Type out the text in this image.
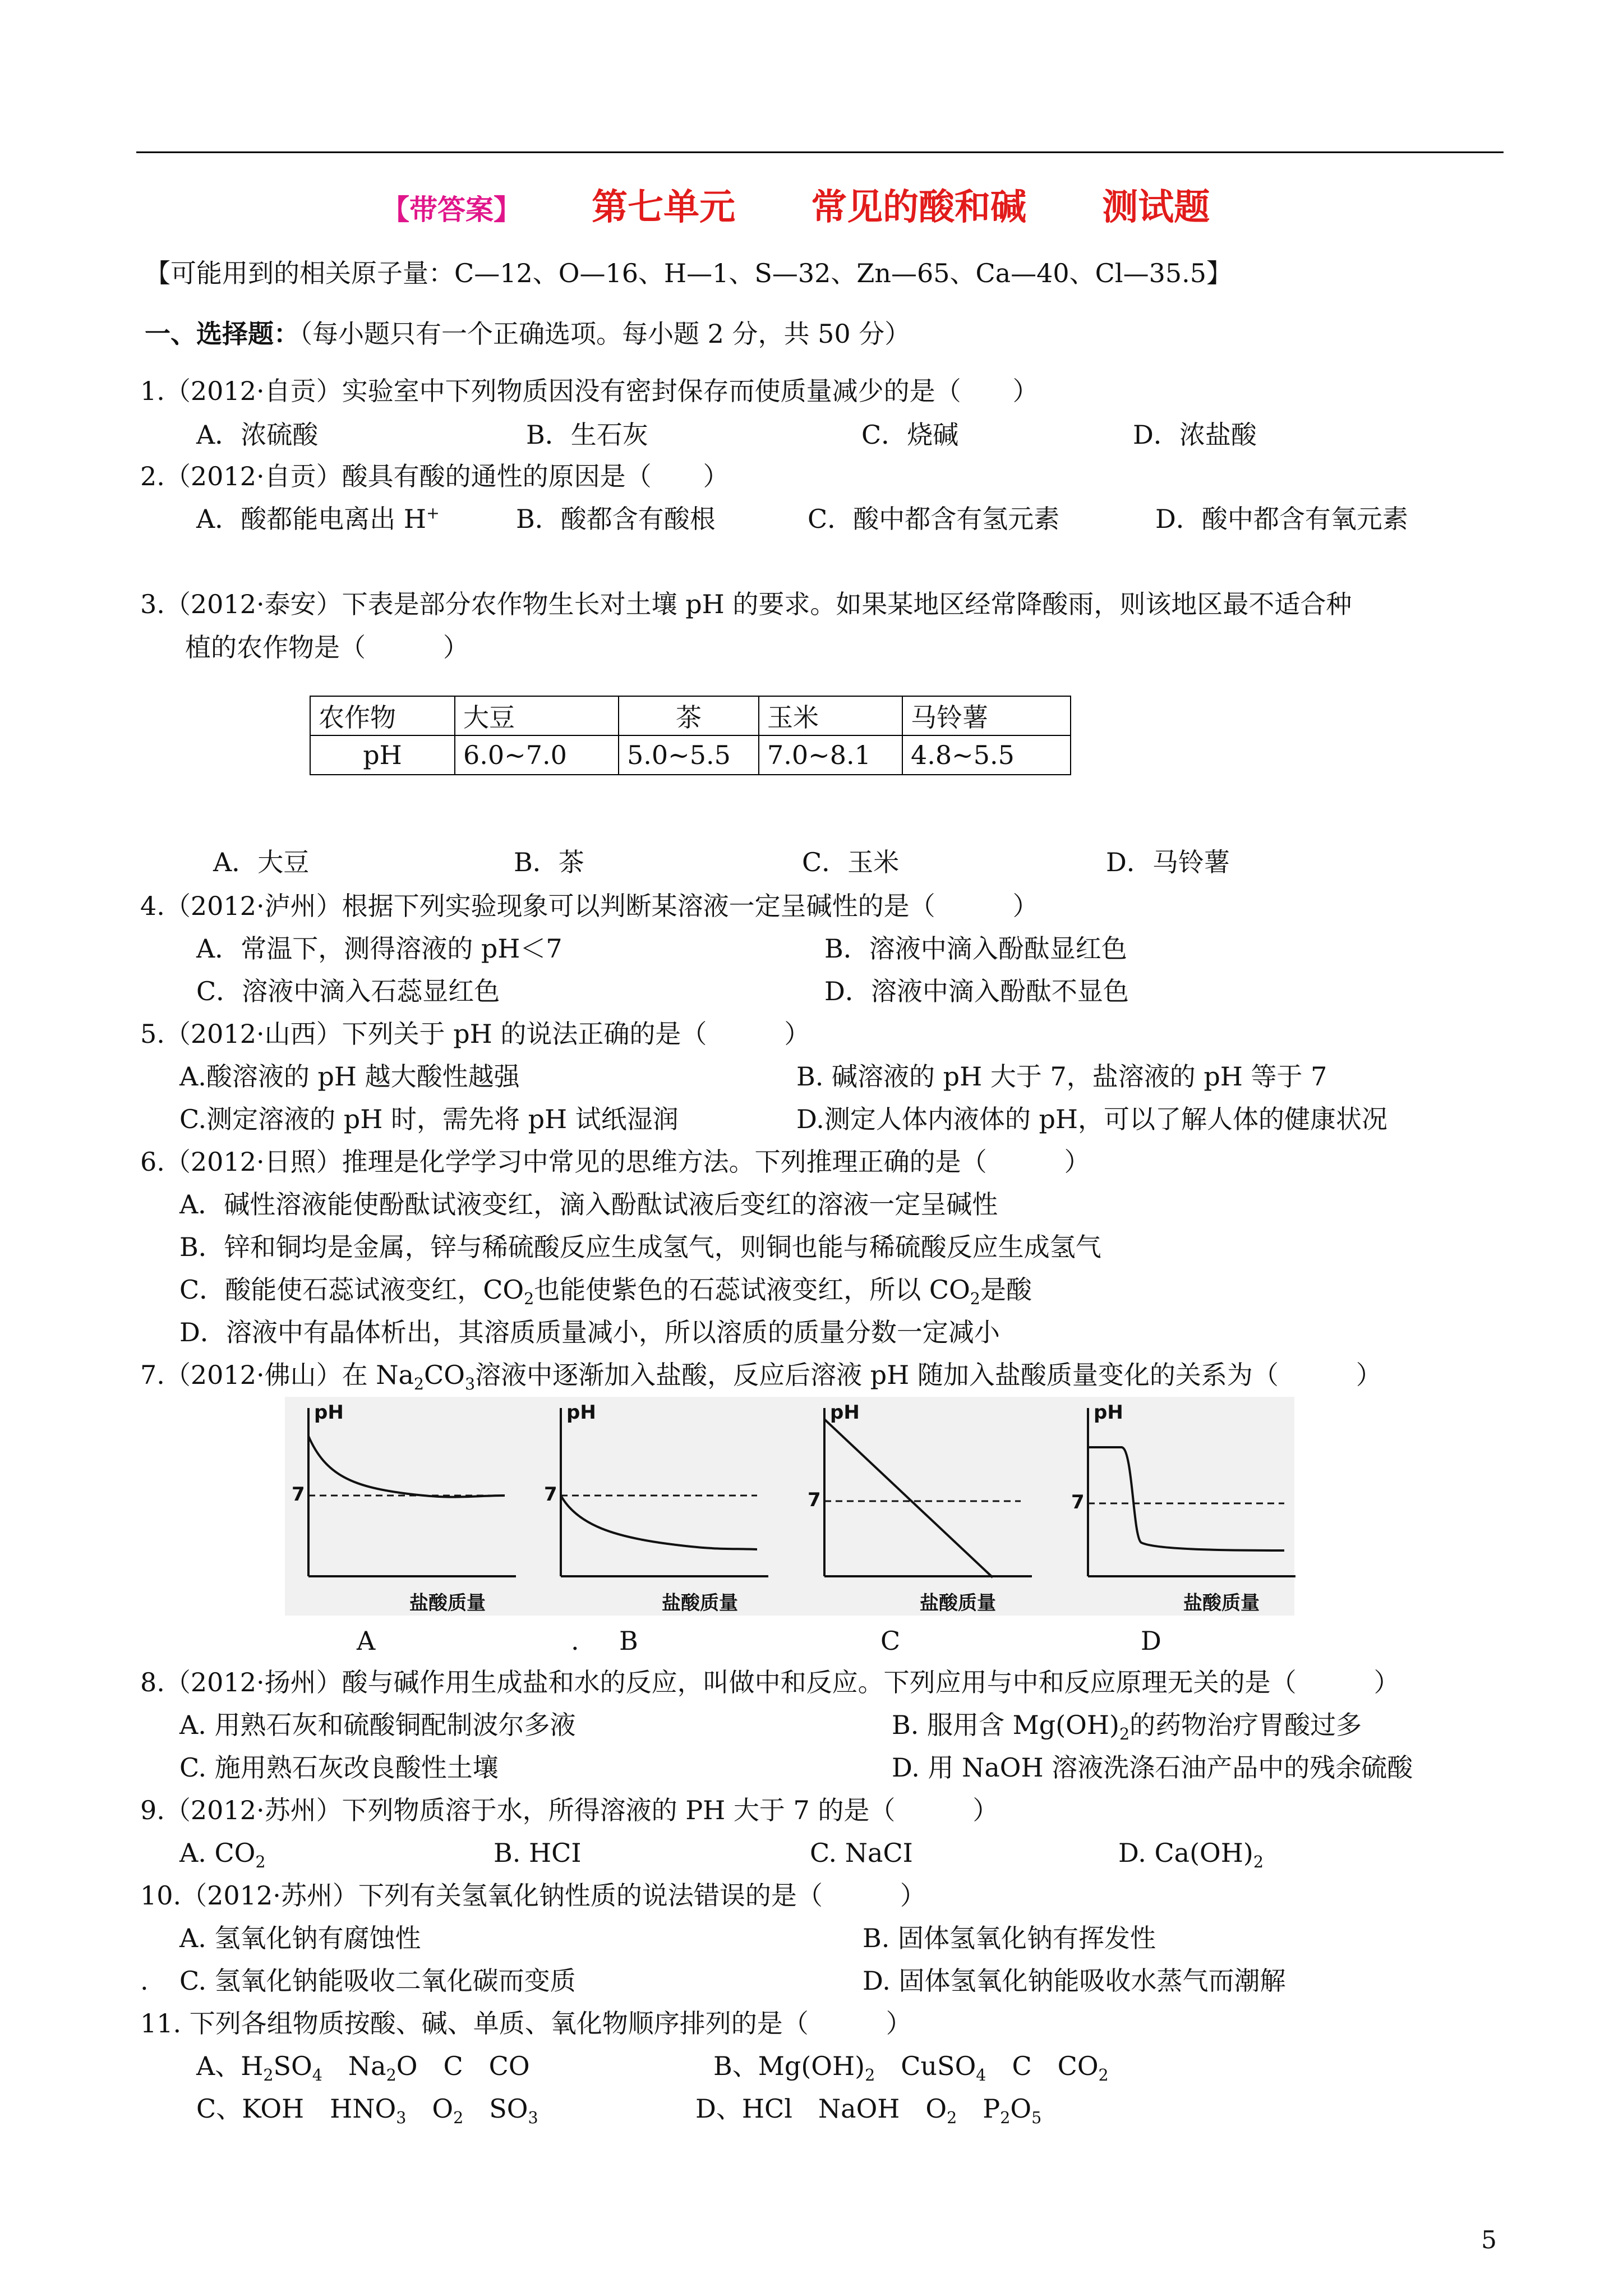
【带答案】 第七单元 常见的酸和碱 测试题
【可能用到的相关原子量：C—12、O—16、H—1、S—32、Zn—65、Ca—40、Cl—35.5】
一、选择题：（每小题只有一个正确选项。每小题 2 分，共 50 分）
1.（2012·自贡）实验室中下列物质因没有密封保存而使质量减少的是（　　）
A．浓硫酸	B．生石灰	C．烧碱	D．浓盐酸
2.（2012·自贡）酸具有酸的通性的原因是（　　）
A．酸都能电离出 H+	B．酸都含有酸根	C．酸中都含有氢元素	D．酸中都含有氧元素
3.（2012·泰安）下表是部分农作物生长对土壤 pH 的要求。如果某地区经常降酸雨，则该地区最不适合种
植的农作物是（　　　）
农作物	大豆	茶	玉米	马铃薯
pH	6.0~7.0	5.0~5.5	7.0~8.1	4.8~5.5
A．大豆	B．茶	C．玉米	D．马铃薯
4.（2012·泸州）根据下列实验现象可以判断某溶液一定呈碱性的是（　　　）
A．常温下，测得溶液的 pH＜7	B．溶液中滴入酚酞显红色
C．溶液中滴入石蕊显红色	D．溶液中滴入酚酞不显色
5.（2012·山西）下列关于 pH 的说法正确的是（　　　）
A.酸溶液的 pH 越大酸性越强	B. 碱溶液的 pH 大于 7，盐溶液的 pH 等于 7
C.测定溶液的 pH 时，需先将 pH 试纸湿润	D.测定人体内液体的 pH，可以了解人体的健康状况
6.（2012·日照）推理是化学学习中常见的思维方法。下列推理正确的是（　　　）
A．碱性溶液能使酚酞试液变红，滴入酚酞试液后变红的溶液一定呈碱性
B．锌和铜均是金属，锌与稀硫酸反应生成氢气，则铜也能与稀硫酸反应生成氢气
C．酸能使石蕊试液变红，$CO_2$也能使紫色的石蕊试液变红，所以 $CO_2$是酸
D．溶液中有晶体析出，其溶质质量减小，所以溶质的质量分数一定减小
7.（2012·佛山）在 $Na_2CO_3$溶液中逐渐加入盐酸，反应后溶液 pH 随加入盐酸质量变化的关系为（　　　）
pH
7
盐酸质量
pH
7
盐酸质量
pH
7
盐酸质量
pH
7
盐酸质量
A	. B	C	D
8.（2012·扬州）酸与碱作用生成盐和水的反应，叫做中和反应。下列应用与中和反应原理无关的是（　　　）
A. 用熟石灰和硫酸铜配制波尔多液	B. 服用含 $Mg(OH)_2$的药物治疗胃酸过多
C. 施用熟石灰改良酸性土壤	D. 用 NaOH 溶液洗涤石油产品中的残余硫酸
9.（2012·苏州）下列物质溶于水，所得溶液的 PH 大于 7 的是（　　　）
A. $CO_2$	B. HCI	C. NaCI	D. $Ca(OH)_2$
10.（2012·苏州）下列有关氢氧化钠性质的说法错误的是（　　　）
A. 氢氧化钠有腐蚀性	B. 固体氢氧化钠有挥发性
. C. 氢氧化钠能吸收二氧化碳而变质	D. 固体氢氧化钠能吸收水蒸气而潮解
11. 下列各组物质按酸、碱、单质、氧化物顺序排列的是（　　　）
A、$H_2SO_4$　$Na_2O$　C　CO	B、$Mg(OH)_2$　CuSO$_4$　C　$CO_2$
C、KOH　$HNO_3$　$O_2$　$SO_3$	D、HCl　NaOH　$O_2$　$P_2O_5$
5
